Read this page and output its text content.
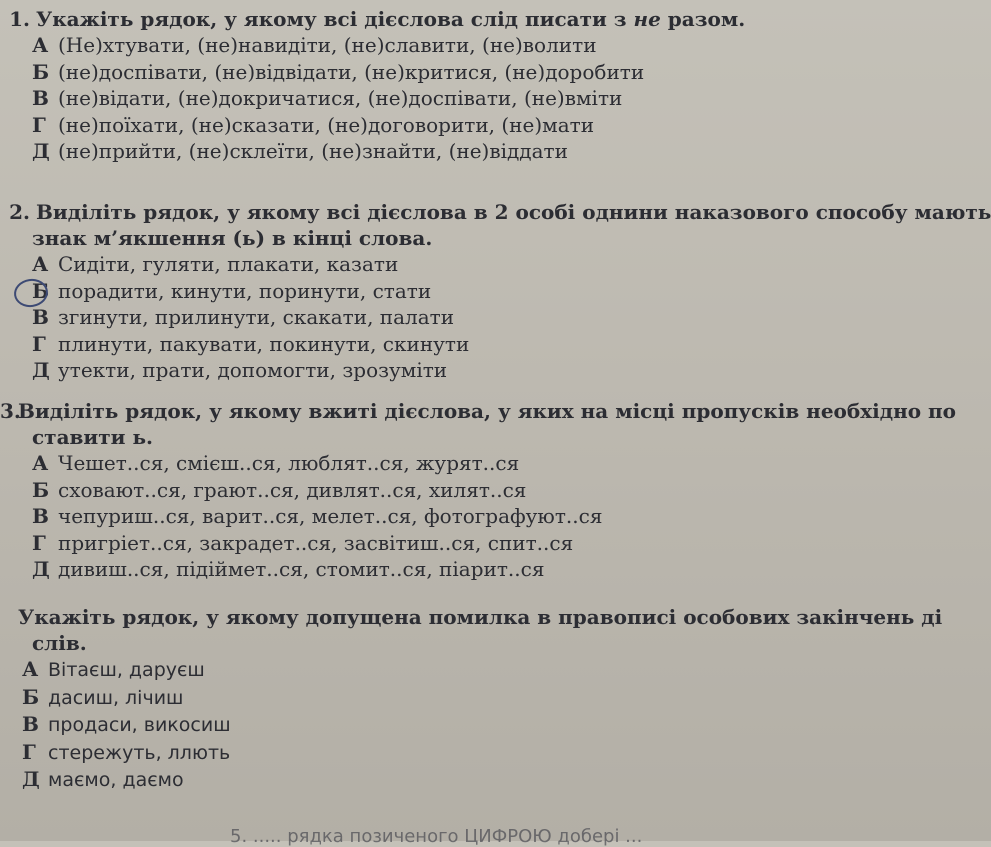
1. Укажіть рядок, у якому всі дієслова слід писати з не разом.
А (Не)хтувати, (не)навидіти, (не)славити, (не)волити
Б (не)доспівати, (не)відвідати, (не)критися, (не)доробити
В (не)відати, (не)докричатися, (не)доспівати, (не)вміти
Г (не)поїхати, (не)сказати, (не)договорити, (не)мати
Д (не)прийти, (не)склеїти, (не)знайти, (не)віддати
2. Виділіть рядок, у якому всі дієслова в 2 особі однини наказового способу мають
знак м’якшення (ь) в кінці слова.
А Сидіти, гуляти, плакати, казати
Б порадити, кинути, поринути, стати
В згинути, прилинути, скакати, палати
Г плинути, пакувати, покинути, скинути
Д утекти, прати, допомогти, зрозуміти
3.Виділіть рядок, у якому вжиті дієслова, у яких на місці пропусків необхідно по
ставити ь.
А Чешет..ся, смієш..ся, люблят..ся, журят..ся
Б сховают..ся, грают..ся, дивлят..ся, хилят..ся
В чепуриш..ся, варит..ся, мелет..ся, фотографуют..ся
Г пригріет..ся, закрадет..ся, засвітиш..ся, спит..ся
Д дивиш..ся, підіймет..ся, стомит..ся, піарит..ся
Укажіть рядок, у якому допущена помилка в правописі особових закінчень ді
слів.
А Вітаєш, даруєш
Б дасиш, лічиш
В продаси, викосиш
Г стережуть, ллють
Д маємо, даємо
5. ..... рядка позиченого ЦИФРОЮ добері ...
